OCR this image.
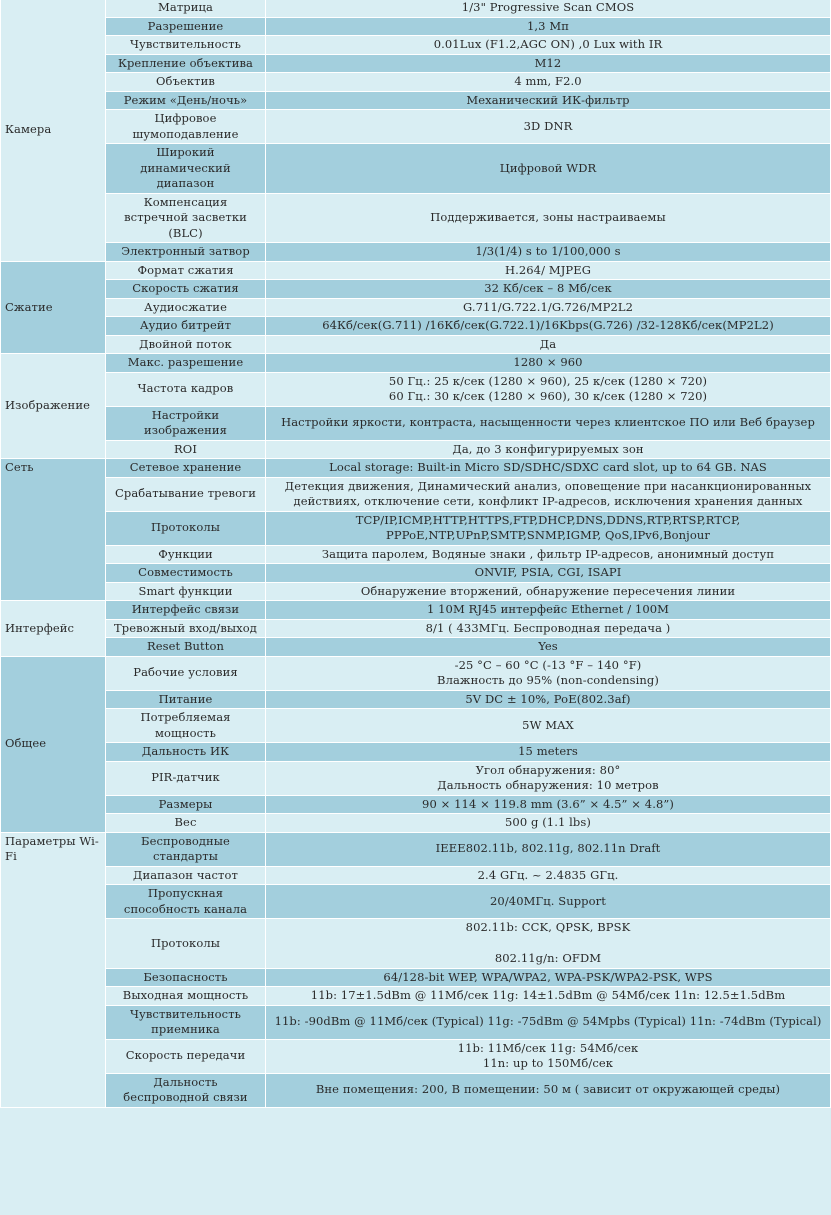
Камера	Матрица	1/3" Progressive Scan CMOS
	Разрешение	1,3 Мп
	Чувствительность	0.01Lux (F1.2,AGC ON) ,0 Lux with IR
	Крепление объектива	M12
	Объектив	4 mm, F2.0
	Режим «День/ночь»	Механический ИК-фильтр
	Цифровое шумоподавление	3D DNR
	Широкий динамический диапазон	Цифровой WDR
	Компенсация встречной засветки (BLC)	Поддерживается, зоны настраиваемы
	Электронный затвор	1/3(1/4) s to 1/100,000 s
Сжатие	Формат сжатия	H.264/ MJPEG
	Скорость сжатия	32 Кб/сек – 8 Мб/сек
	Аудиосжатие	G.711/G.722.1/G.726/MP2L2
	Аудио битрейт	64Кб/сек(G.711) /16Кб/сек(G.722.1)/16Kbps(G.726) /32-128Кб/сек(MP2L2)
	Двойной поток	Да
Изображение	Макс. разрешение	1280 × 960
	Частота кадров	50 Гц.: 25 к/сек (1280 × 960), 25 к/сек (1280 × 720)
60 Гц.: 30 к/сек (1280 × 960), 30 к/сек (1280 × 720)

	Настройки изображения	Настройки яркости, контраста, насыщенности через клиентское ПО или Веб браузер
	ROI	Да, до 3 конфигурируемых зон
Сеть	Сетевое хранение	Local storage: Built-in Micro SD/SDHC/SDXC card slot, up to 64 GB. NAS
	Срабатывание тревоги	Детекция движения, Динамический анализ, оповещение при насанкционированных действиях, отключение сети, конфликт IP-адресов, исключения хранения данных
	Протоколы	TCP/IP,ICMP,HTTP,HTTPS,FTP,DHCP,DNS,DDNS,RTP,RTSP,RTCP, PPPoE,NTP,UPnP,SMTP,SNMP,IGMP, QoS,IPv6,Bonjour
	Функции	Защита паролем, Водяные знаки , фильтр IP-адресов, анонимный доступ
	Совместимость	ONVIF, PSIA, CGI, ISAPI
	Smart функции	Обнаружение вторжений, обнаружение пересечения линии
Интерфейс	Интерфейс связи	1 10M RJ45 интерфейс Ethernet / 100M
	Тревожный вход/выход	8/1 ( 433МГц. Беспроводная передача )
	Reset Button	Yes
Общее	Рабочие условия	-25 °C – 60 °C (-13 °F – 140 °F)
Влажность до 95% (non-condensing)

	Питание	5V DC ± 10%, PoE(802.3af)
	Потребляемая мощность	5W MAX
	Дальность ИК	15 meters
	PIR-датчик	Угол обнаружения: 80°
Дальность обнаружения: 10 метров

	Размеры	90 × 114 × 119.8 mm (3.6” × 4.5” × 4.8”)
	Вес	500 g (1.1 lbs)
Параметры Wi-Fi	Беспроводные стандарты	IEEE802.11b, 802.11g, 802.11n Draft
	Диапазон частот	2.4 GГц. ~ 2.4835 GГц.
	Пропускная способность канала	20/40МГц. Support
	Протоколы	802.11b: CCK, QPSK, BPSK

802.11g/n: OFDM

	Безопасность	64/128-bit WEP, WPA/WPA2, WPA-PSK/WPA2-PSK, WPS
	Выходная мощность	11b: 17±1.5dBm @ 11Мб/сек 11g: 14±1.5dBm @ 54Мб/сек 11n: 12.5±1.5dBm
	Чувствительность приемника	11b: -90dBm @ 11Мб/сек (Typical) 11g: -75dBm @ 54Mpbs (Typical) 11n: -74dBm (Typical)
	Скорость передачи	11b: 11Мб/сек 11g: 54Мб/сек
11n: up to 150Мб/сек

	Дальность беспроводной связи	Вне помещения: 200, В помещении: 50 м ( зависит от окружающей среды)
